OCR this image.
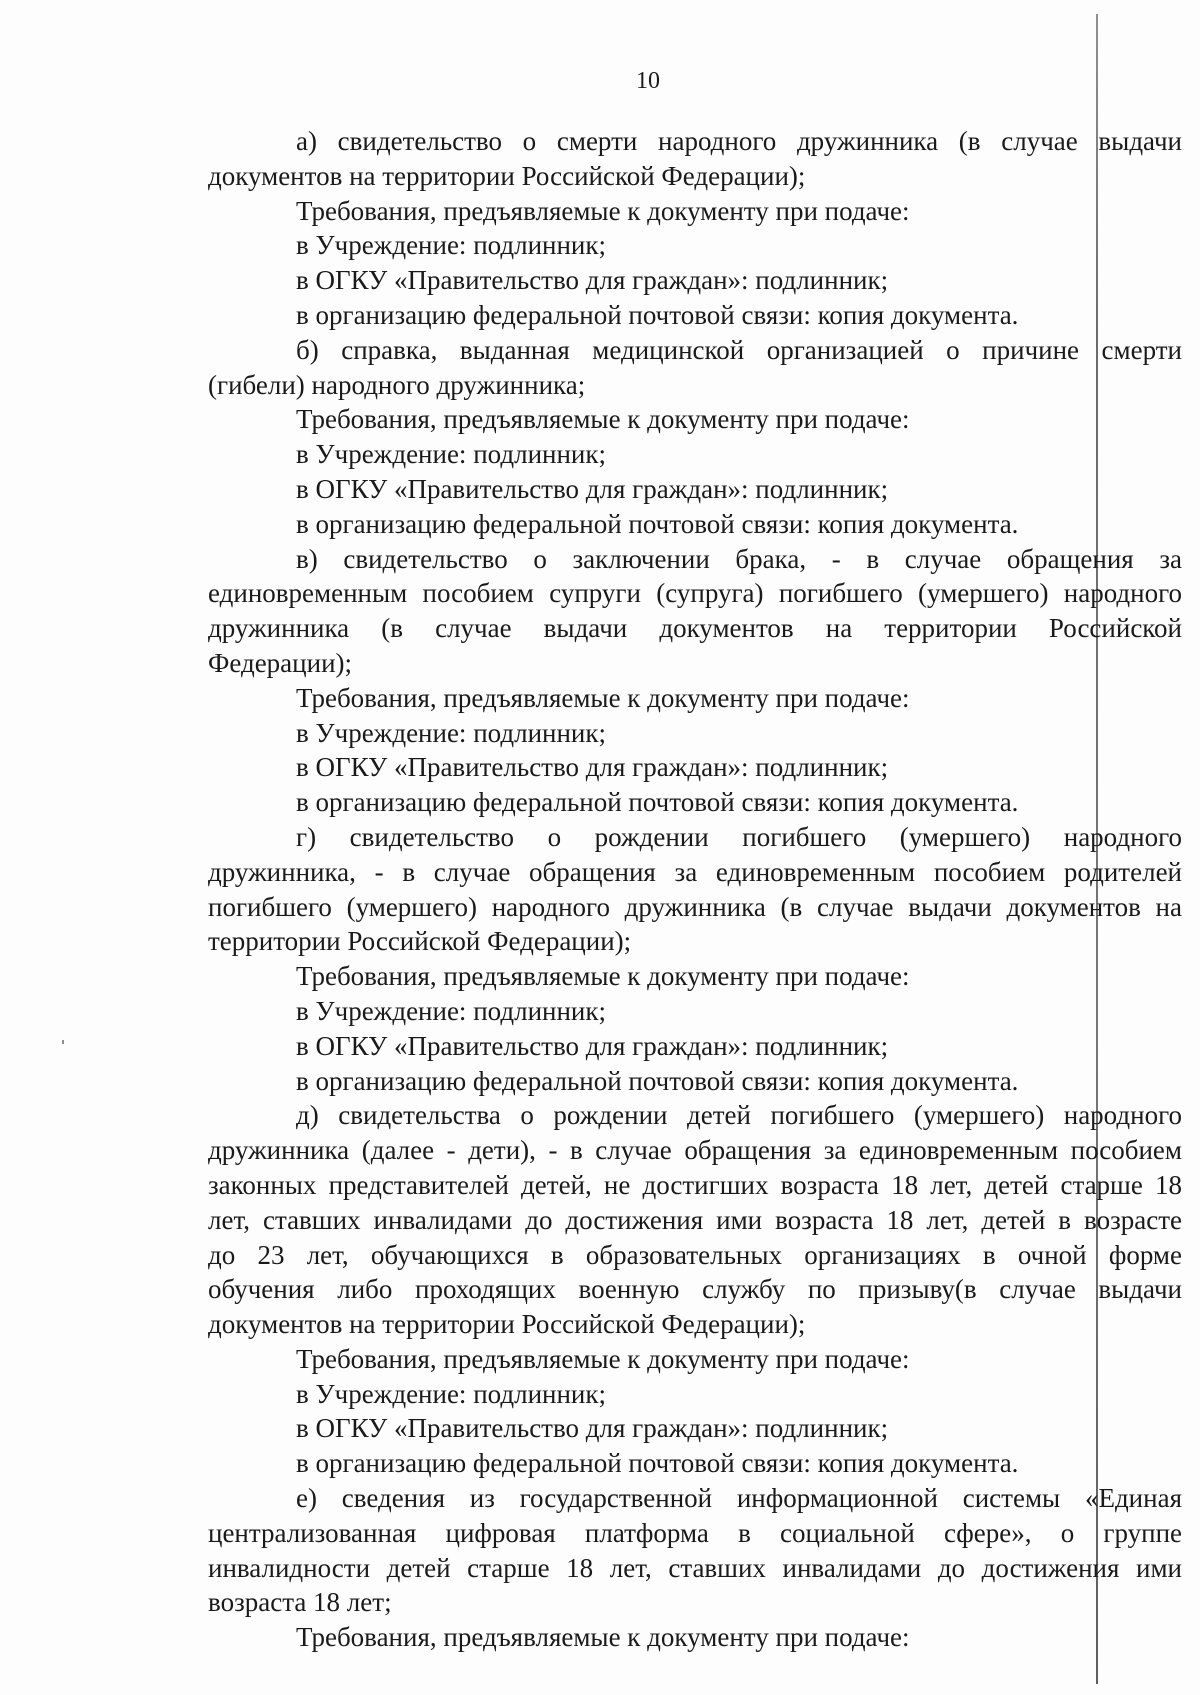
10
а) свидетельство о смерти народного дружинника (в случае выдачи
документов на территории Российской Федерации);
Требования, предъявляемые к документу при подаче:
в Учреждение: подлинник;
в ОГКУ «Правительство для граждан»: подлинник;
в организацию федеральной почтовой связи: копия документа.
б) справка, выданная медицинской организацией о причине смерти
(гибели) народного дружинника;
Требования, предъявляемые к документу при подаче:
в Учреждение: подлинник;
в ОГКУ «Правительство для граждан»: подлинник;
в организацию федеральной почтовой связи: копия документа.
в) свидетельство о заключении брака, - в случае обращения за
единовременным пособием супруги (супруга) погибшего (умершего) народного
дружинника (в случае выдачи документов на территории Российской
Федерации);
Требования, предъявляемые к документу при подаче:
в Учреждение: подлинник;
в ОГКУ «Правительство для граждан»: подлинник;
в организацию федеральной почтовой связи: копия документа.
г) свидетельство о рождении погибшего (умершего) народного
дружинника, - в случае обращения за единовременным пособием родителей
погибшего (умершего) народного дружинника (в случае выдачи документов на
территории Российской Федерации);
Требования, предъявляемые к документу при подаче:
в Учреждение: подлинник;
в ОГКУ «Правительство для граждан»: подлинник;
в организацию федеральной почтовой связи: копия документа.
д) свидетельства о рождении детей погибшего (умершего) народного
дружинника (далее - дети), - в случае обращения за единовременным пособием
законных представителей детей, не достигших возраста 18 лет, детей старше 18
лет, ставших инвалидами до достижения ими возраста 18 лет, детей в возрасте
до 23 лет, обучающихся в образовательных организациях в очной форме
обучения либо проходящих военную службу по призыву(в случае выдачи
документов на территории Российской Федерации);
Требования, предъявляемые к документу при подаче:
в Учреждение: подлинник;
в ОГКУ «Правительство для граждан»: подлинник;
в организацию федеральной почтовой связи: копия документа.
е) сведения из государственной информационной системы «Единая
централизованная цифровая платформа в социальной сфере», о группе
инвалидности детей старше 18 лет, ставших инвалидами до достижения ими
возраста 18 лет;
Требования, предъявляемые к документу при подаче:
